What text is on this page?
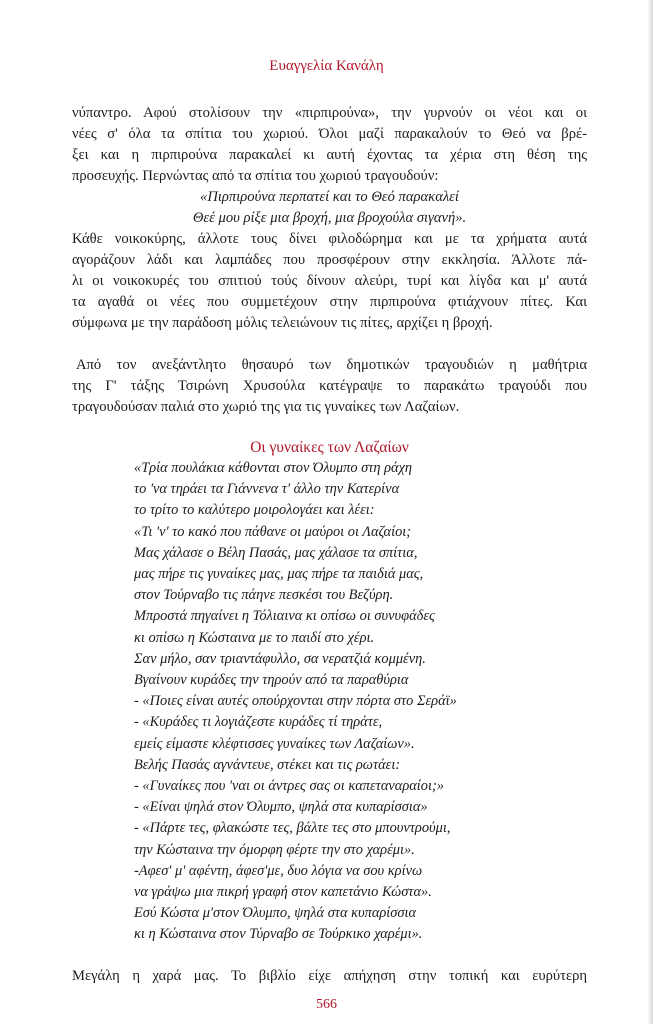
Ευαγγελία Κανάλη
νύπαντρο. Αφού στολίσουν την «πιρπιρούνα», την γυρνούν οι νέοι και οι
νέες σ' όλα τα σπίτια του χωριού. Όλοι μαζί παρακαλούν το Θεό να βρέ-
ξει και η πιρπιρούνα παρακαλεί κι αυτή έχοντας τα χέρια στη θέση της
προσευχής. Περνώντας από τα σπίτια του χωριού τραγουδούν:
«Πιρπιρούνα περπατεί και το Θεό παρακαλεί
Θεέ μου ρίξε μια βροχή, μια βροχούλα σιγανή».
Κάθε νοικοκύρης, άλλοτε τους δίνει φιλοδώρημα και με τα χρήματα αυτά
αγοράζουν λάδι και λαμπάδες που προσφέρουν στην εκκλησία. Άλλοτε πά-
λι οι νοικοκυρές του σπιτιού τούς δίνουν αλεύρι, τυρί και λίγδα και μ' αυτά
τα αγαθά οι νέες που συμμετέχουν στην πιρπιρούνα φτιάχνουν πίτες. Και
σύμφωνα με την παράδοση μόλις τελειώνουν τις πίτες, αρχίζει η βροχή.
Από τον ανεξάντλητο θησαυρό των δημοτικών τραγουδιών η μαθήτρια
της Γ' τάξης Τσιρώνη Χρυσούλα κατέγραψε το παρακάτω τραγούδι που
τραγουδούσαν παλιά στο χωριό της για τις γυναίκες των Λαζαίων.
Οι γυναίκες των Λαζαίων
«Τρία πουλάκια κάθονται στον Όλυμπο στη ράχη
το 'να τηράει τα Γιάννενα τ' άλλο την Κατερίνα
το τρίτο το καλύτερο μοιρολογάει και λέει:
«Τι 'ν' το κακό που πάθανε οι μαύροι οι Λαζαίοι;
Μας χάλασε ο Βέλη Πασάς, μας χάλασε τα σπίτια,
μας πήρε τις γυναίκες μας, μας πήρε τα παιδιά μας,
στον Τούρναβο τις πάηνε πεσκέσι του Βεζύρη.
Μπροστά πηγαίνει η Τόλιαινα κι οπίσω οι συνυφάδες
κι οπίσω η Κώσταινα με το παιδί στο χέρι.
Σαν μήλο, σαν τριαντάφυλλο, σα νερατζιά κομμένη.
Βγαίνουν κυράδες την τηρούν από τα παραθύρια
- «Ποιες είναι αυτές οπούρχονται στην πόρτα στο Σεράϊ»
- «Κυράδες τι λογιάζεστε κυράδες τί τηράτε,
εμείς είμαστε κλέφτισσες γυναίκες των Λαζαίων».
Βελής Πασάς αγνάντευε, στέκει και τις ρωτάει:
- «Γυναίκες που 'ναι οι άντρες σας οι καπεταναραίοι;»
- «Είναι ψηλά στον Όλυμπο, ψηλά στα κυπαρίσσια»
- «Πάρτε τες, φλακώστε τες, βάλτε τες στο μπουντρούμι,
την Κώσταινα την όμορφη φέρτε την στο χαρέμι».
-Αφεσ' μ' αφέντη, άφεσ'με, δυο λόγια να σου κρίνω
να γράψω μια πικρή γραφή στον καπετάνιο Κώστα».
Εσύ Κώστα μ'στον Όλυμπο, ψηλά στα κυπαρίσσια
κι η Κώσταινα στον Τύρναβο σε Τούρκικο χαρέμι».
Μεγάλη η χαρά μας. Το βιβλίο είχε απήχηση στην τοπική και ευρύτερη
566
